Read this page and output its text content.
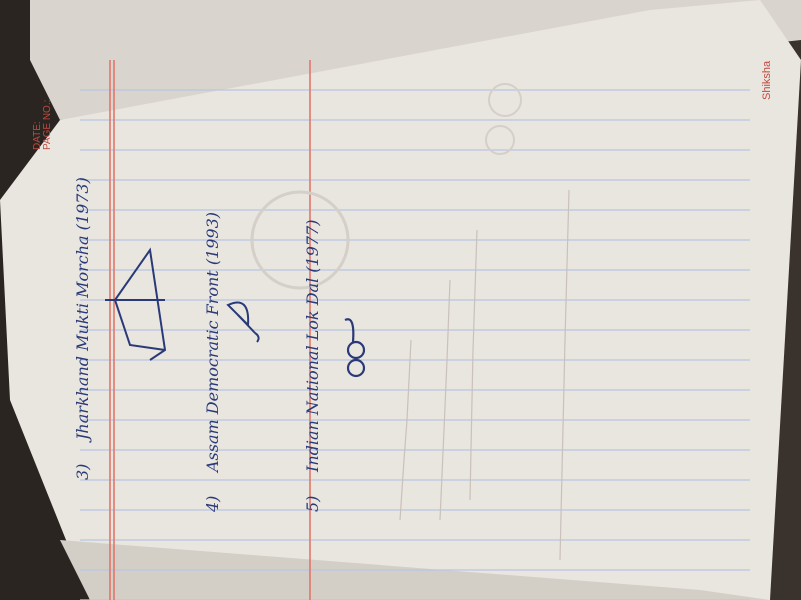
DATE: PAGE NO.:
Shiksha
3)
Jharkhand Mukti Morcha (1973)
4)
Assam Democratic Front (1993)
5)
Indian National Lok Dal (1977)
